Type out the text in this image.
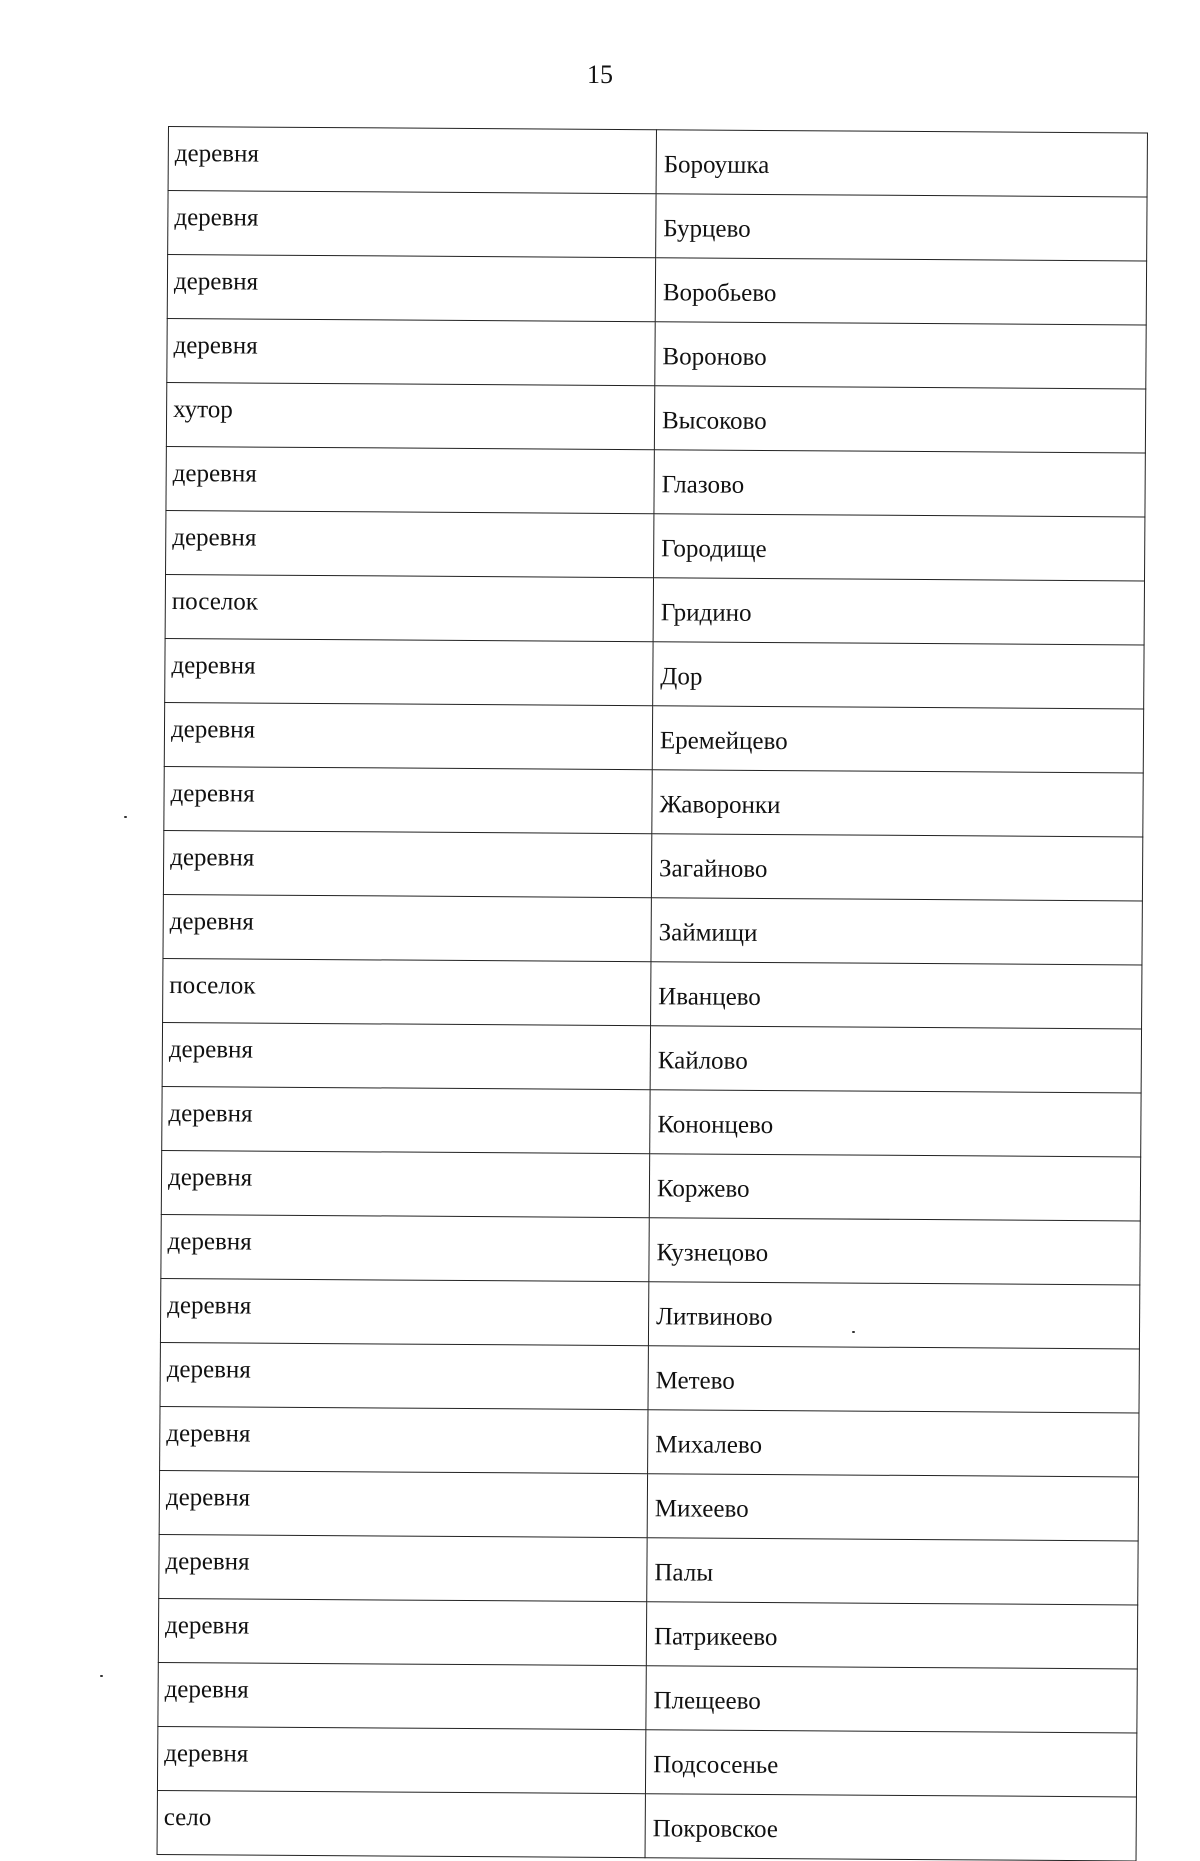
15
деревня	Бороушка
деревня	Бурцево
деревня	Воробьево
деревня	Вороново
хутор	Высоково
деревня	Глазово
деревня	Городище
поселок	Гридино
деревня	Дор
деревня	Еремейцево
деревня	Жаворонки
деревня	Загайново
деревня	Займищи
поселок	Иванцево
деревня	Кайлово
деревня	Кононцево
деревня	Коржево
деревня	Кузнецово
деревня	Литвиново
деревня	Метево
деревня	Михалево
деревня	Михеево
деревня	Палы
деревня	Патрикеево
деревня	Плещеево
деревня	Подсосенье
село	Покровское
